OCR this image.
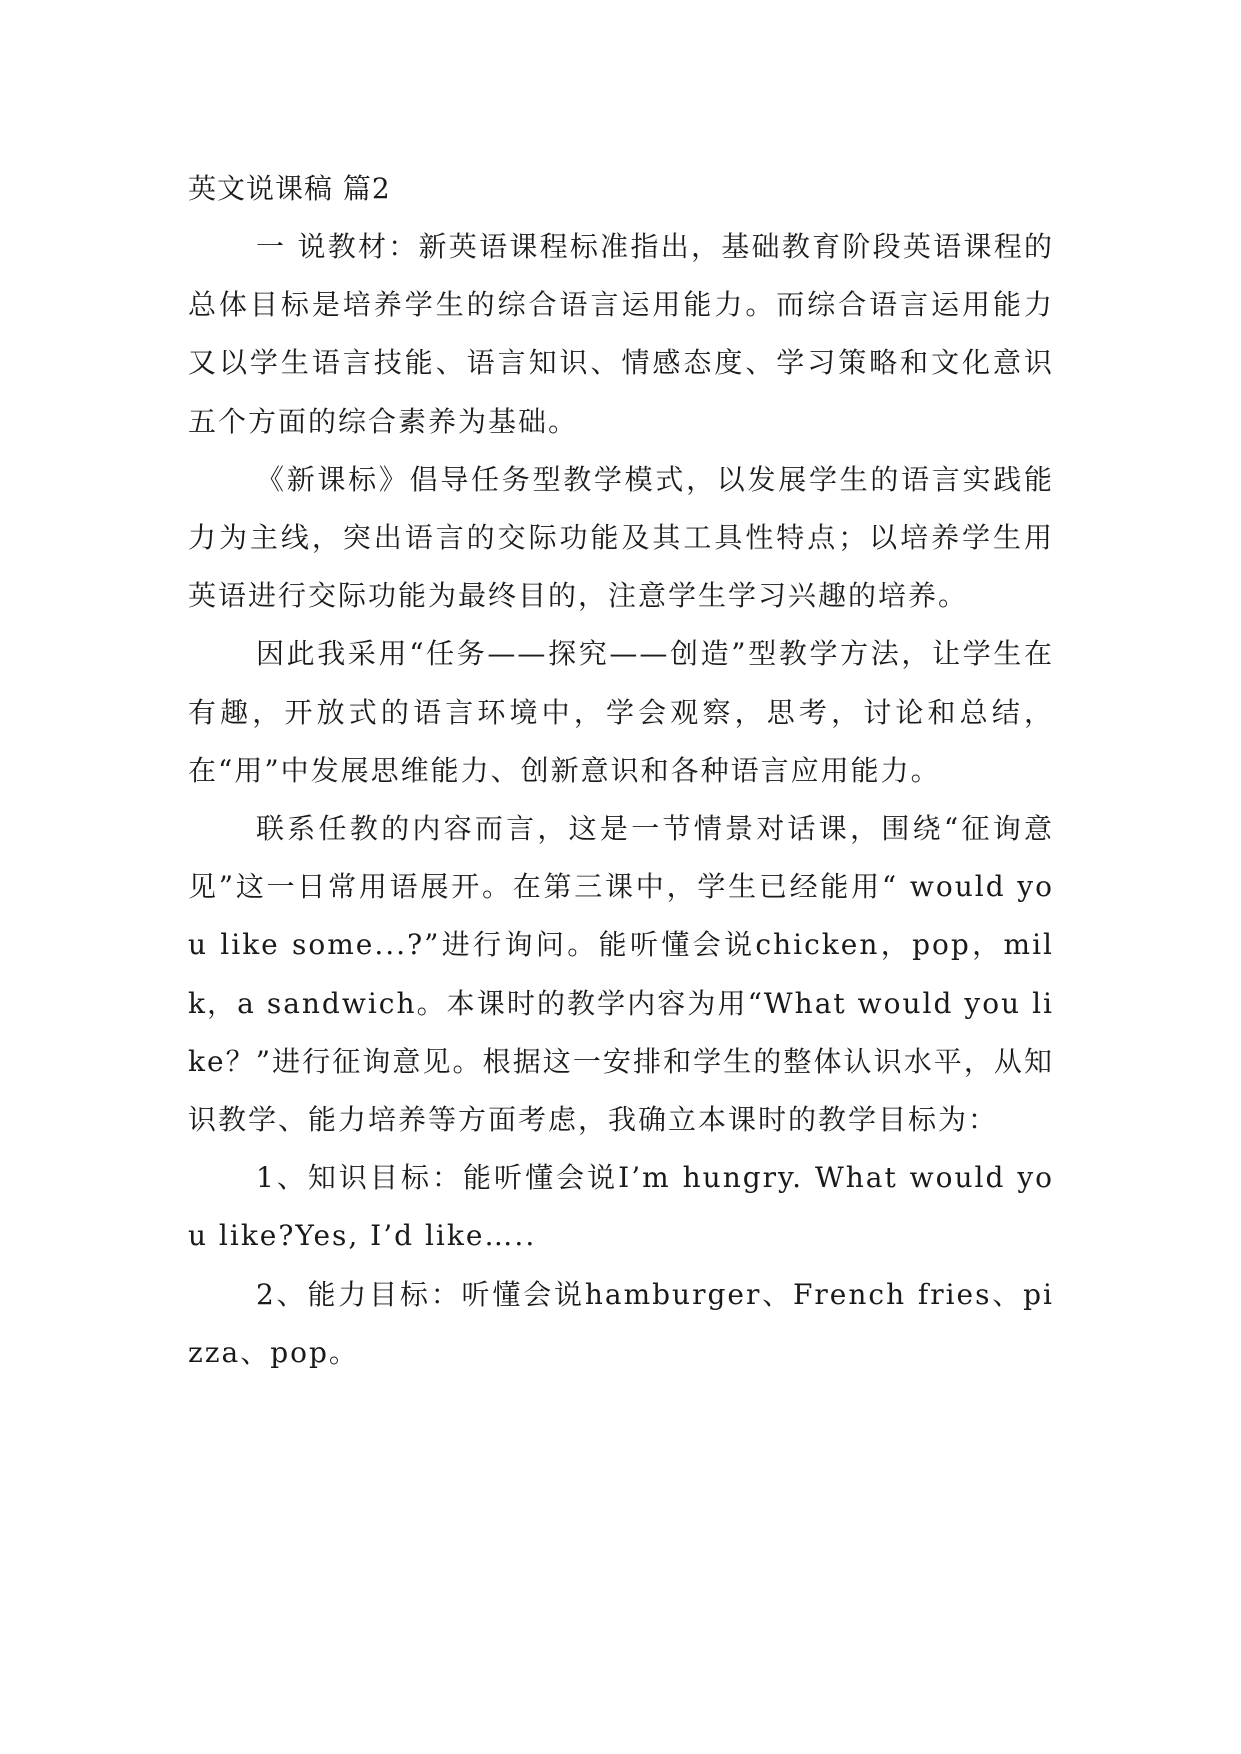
英文说课稿 篇2

一 说教材：新英语课程标准指出，基础教育阶段英语课程的总体目标是培养学生的综合语言运用能力。而综合语言运用能力又以学生语言技能、语言知识、情感态度、学习策略和文化意识五个方面的综合素养为基础。

《新课标》倡导任务型教学模式，以发展学生的语言实践能力为主线，突出语言的交际功能及其工具性特点；以培养学生用英语进行交际功能为最终目的，注意学生学习兴趣的培养。

因此我采用“任务——探究——创造”型教学方法，让学生在有趣，开放式的语言环境中，学会观察，思考，讨论和总结，在“用”中发展思维能力、创新意识和各种语言应用能力。

联系任教的内容而言，这是一节情景对话课，围绕“征询意见”这一日常用语展开。在第三课中，学生已经能用“ would you like some...?”进行询问。能听懂会说chicken，pop，milk，a sandwich。本课时的教学内容为用“What would you like？”进行征询意见。根据这一安排和学生的整体认识水平，从知识教学、能力培养等方面考虑，我确立本课时的教学目标为：

1、知识目标：能听懂会说I’m hungry. What would you like?Yes, I’d like…..

2、能力目标：听懂会说hamburger、French fries、pizza、pop。
